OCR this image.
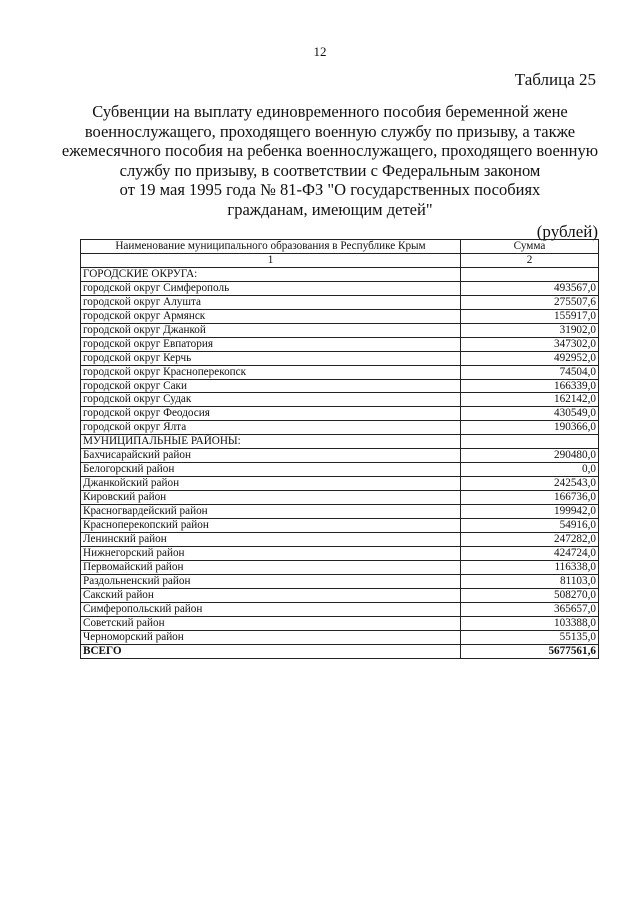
12
Таблица 25
Субвенции на выплату единовременного пособия беременной жене
военнослужащего, проходящего военную службу по призыву, а также
ежемесячного пособия на ребенка военнослужащего, проходящего военную
службу по призыву, в соответствии с Федеральным законом
от 19 мая 1995 года № 81-ФЗ "О государственных пособиях
гражданам, имеющим детей"
(рублей)
Наименование муниципального образования в Республике Крым	Сумма
1	2
ГОРОДСКИЕ ОКРУГА:	
городской округ Симферополь	493567,0
городской округ Алушта	275507,6
городской округ Армянск	155917,0
городской округ Джанкой	31902,0
городской округ Евпатория	347302,0
городской округ Керчь	492952,0
городской округ Красноперекопск	74504,0
городской округ Саки	166339,0
городской округ Судак	162142,0
городской округ Феодосия	430549,0
городской округ Ялта	190366,0
МУНИЦИПАЛЬНЫЕ РАЙОНЫ:	
Бахчисарайский район	290480,0
Белогорский район	0,0
Джанкойский район	242543,0
Кировский район	166736,0
Красногвардейский район	199942,0
Красноперекопский район	54916,0
Ленинский район	247282,0
Нижнегорский район	424724,0
Первомайский район	116338,0
Раздольненский район	81103,0
Сакский район	508270,0
Симферопольский район	365657,0
Советский район	103388,0
Черноморский район	55135,0
ВСЕГО	5677561,6
